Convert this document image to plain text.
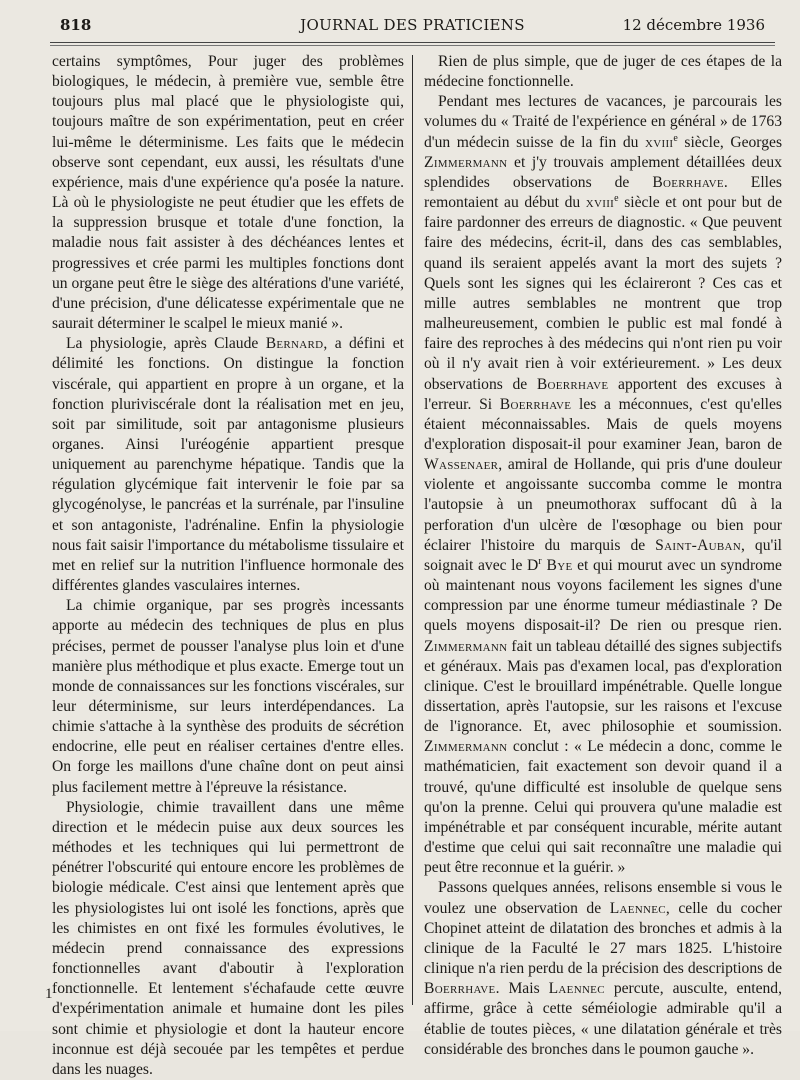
818	JOURNAL DES PRATICIENS	12 décembre 1936

certains symptômes, Pour juger des problèmes biologiques, le médecin, à première vue, semble être toujours plus mal placé que le physiologiste qui, toujours maître de son expérimentation, peut en créer lui-même le déterminisme. Les faits que le médecin observe sont cependant, eux aussi, les résultats d'une expérience, mais d'une expérience qu'a posée la nature. Là où le physiologiste ne peut étudier que les effets de la suppression brusque et totale d'une fonction, la maladie nous fait assister à des déchéances lentes et progressives et crée parmi les multiples fonctions dont un organe peut être le siège des altérations d'une variété, d'une précision, d'une délicatesse expérimentale que ne saurait déterminer le scalpel le mieux manié ».

La physiologie, après Claude Bernard, a défini et délimité les fonctions. On distingue la fonction viscérale, qui appartient en propre à un organe, et la fonction pluriviscérale dont la réalisation met en jeu, soit par similitude, soit par antagonisme plusieurs organes. Ainsi l'uréogénie appartient presque uniquement au parenchyme hépatique. Tandis que la régulation glycémique fait intervenir le foie par sa glycogénolyse, le pancréas et la surrénale, par l'insuline et son antagoniste, l'adrénaline. Enfin la physiologie nous fait saisir l'importance du métabolisme tissulaire et met en relief sur la nutrition l'influence hormonale des différentes glandes vasculaires internes.

La chimie organique, par ses progrès incessants apporte au médecin des techniques de plus en plus précises, permet de pousser l'analyse plus loin et d'une manière plus méthodique et plus exacte. Emerge tout un monde de connaissances sur les fonctions viscérales, sur leur déterminisme, sur leurs interdépendances. La chimie s'attache à la synthèse des produits de sécrétion endocrine, elle peut en réaliser certaines d'entre elles. On forge les maillons d'une chaîne dont on peut ainsi plus facilement mettre à l'épreuve la résistance.

Physiologie, chimie travaillent dans une même direction et le médecin puise aux deux sources les méthodes et les techniques qui lui permettront de pénétrer l'obscurité qui entoure encore les problèmes de biologie médicale. C'est ainsi que lentement après que les physiologistes lui ont isolé les fonctions, après que les chimistes en ont fixé les formules évolutives, le médecin prend connaissance des expressions fonctionnelles avant d'aboutir à l'exploration fonctionnelle. Et lentement s'échafaude cette œuvre d'expérimentation animale et humaine dont les piles sont chimie et physiologie et dont la hauteur encore inconnue est déjà secouée par les tempêtes et perdue dans les nuages.

Rien de plus simple, que de juger de ces étapes de la médecine fonctionnelle.

Pendant mes lectures de vacances, je parcourais les volumes du « Traité de l'expérience en général » de 1763 d'un médecin suisse de la fin du xviii$^e$ siècle, Georges Zimmermann et j'y trouvais amplement détaillées deux splendides observations de Boerrhave. Elles remontaient au début du xviii$^e$ siècle et ont pour but de faire pardonner des erreurs de diagnostic. « Que peuvent faire des médecins, écrit-il, dans des cas semblables, quand ils seraient appelés avant la mort des sujets ? Quels sont les signes qui les éclaireront ? Ces cas et mille autres semblables ne montrent que trop malheureusement, combien le public est mal fondé à faire des reproches à des médecins qui n'ont rien pu voir où il n'y avait rien à voir extérieurement. » Les deux observations de Boerrhave apportent des excuses à l'erreur. Si Boerrhave les a méconnues, c'est qu'elles étaient méconnaissables. Mais de quels moyens d'exploration disposait-il pour examiner Jean, baron de Wassenaer, amiral de Hollande, qui pris d'une douleur violente et angoissante succomba comme le montra l'autopsie à un pneumothorax suffocant dû à la perforation d'un ulcère de l'œsophage ou bien pour éclairer l'histoire du marquis de Saint-Auban, qu'il soignait avec le $D^r$ Bye et qui mourut avec un syndrome où maintenant nous voyons facilement les signes d'une compression par une énorme tumeur médiastinale ? De quels moyens disposait-il? De rien ou presque rien. Zimmermann fait un tableau détaillé des signes subjectifs et généraux. Mais pas d'examen local, pas d'exploration clinique. C'est le brouillard impénétrable. Quelle longue dissertation, après l'autopsie, sur les raisons et l'excuse de l'ignorance. Et, avec philosophie et soumission. Zimmermann conclut : « Le médecin a donc, comme le mathématicien, fait exactement son devoir quand il a trouvé, qu'une difficulté est insoluble de quelque sens qu'on la prenne. Celui qui prouvera qu'une maladie est impénétrable et par conséquent incurable, mérite autant d'estime que celui qui sait reconnaître une maladie qui peut être reconnue et la guérir. »

Passons quelques années, relisons ensemble si vous le voulez une observation de Laennec, celle du cocher Chopinet atteint de dilatation des bronches et admis à la clinique de la Faculté le 27 mars 1825. L'histoire clinique n'a rien perdu de la précision des descriptions de Boerrhave. Mais Laennec percute, ausculte, entend, affirme, grâce à cette séméiologie admirable qu'il a établie de toutes pièces, « une dilatation générale et très considérable des bronches dans le poumon gauche ».

1
